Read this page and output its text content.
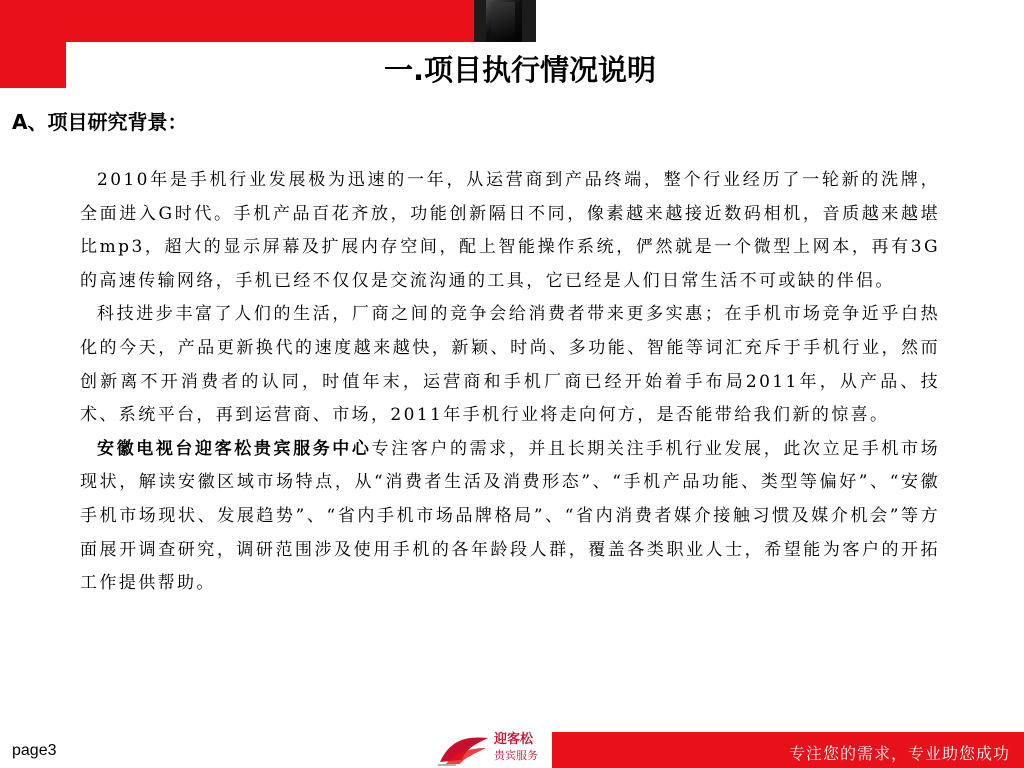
一.项目执行情况说明
A、项目研究背景：

2010年是手机行业发展极为迅速的一年，从运营商到产品终端，整个行业经历了一轮新的洗牌，全面进入G时代。手机产品百花齐放，功能创新隔日不同，像素越来越接近数码相机，音质越来越堪比mp3，超大的显示屏幕及扩展内存空间，配上智能操作系统，俨然就是一个微型上网本，再有3G的高速传输网络，手机已经不仅仅是交流沟通的工具，它已经是人们日常生活不可或缺的伴侣。

科技进步丰富了人们的生活，厂商之间的竞争会给消费者带来更多实惠；在手机市场竞争近乎白热化的今天，产品更新换代的速度越来越快，新颖、时尚、多功能、智能等词汇充斥于手机行业，然而创新离不开消费者的认同，时值年末，运营商和手机厂商已经开始着手布局2011年，从产品、技术、系统平台，再到运营商、市场，2011年手机行业将走向何方，是否能带给我们新的惊喜。

安徽电视台迎客松贵宾服务中心专注客户的需求，并且长期关注手机行业发展，此次立足手机市场现状，解读安徽区域市场特点，从“消费者生活及消费形态”、“手机产品功能、类型等偏好”、“安徽手机市场现状、发展趋势”、“省内手机市场品牌格局”、“省内消费者媒介接触习惯及媒介机会”等方面展开调查研究，调研范围涉及使用手机的各年龄段人群，覆盖各类职业人士，希望能为客户的开拓工作提供帮助。

page3
迎客松
贵宾服务	专注您的需求，专业助您成功
